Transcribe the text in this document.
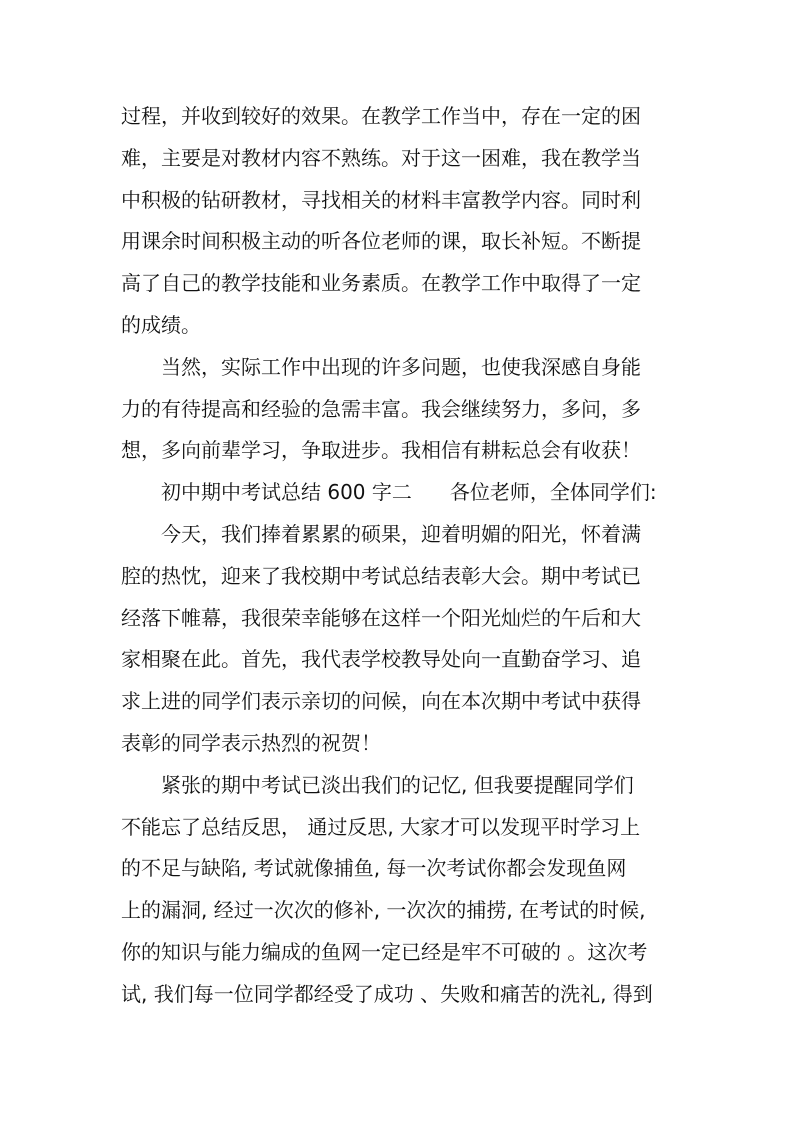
过程，并收到较好的效果。在教学工作当中，存在一定的困
难，主要是对教材内容不熟练。对于这一困难，我在教学当
中积极的钻研教材，寻找相关的材料丰富教学内容。同时利
用课余时间积极主动的听各位老师的课，取长补短。不断提
高了自己的教学技能和业务素质。在教学工作中取得了一定
的成绩。
当然，实际工作中出现的许多问题，也使我深感自身能
力的有待提高和经验的急需丰富。我会继续努力，多问，多
想，多向前辈学习，争取进步。我相信有耕耘总会有收获！
初中期中考试总结 600 字二 各位老师，全体同学们:
今天，我们捧着累累的硕果，迎着明媚的阳光，怀着满
腔的热忱，迎来了我校期中考试总结表彰大会。期中考试已
经落下帷幕，我很荣幸能够在这样一个阳光灿烂的午后和大
家相聚在此。首先，我代表学校教导处向一直勤奋学习、追
求上进的同学们表示亲切的问候，向在本次期中考试中获得
表彰的同学表示热烈的祝贺！
紧张的期中考试已淡出我们的记忆, 但我要提醒同学们
不能忘了总结反思， 通过反思, 大家才可以发现平时学习上
的不足与缺陷, 考试就像捕鱼, 每一次考试你都会发现鱼网
上的漏洞, 经过一次次的修补, 一次次的捕捞, 在考试的时候,
你的知识与能力编成的鱼网一定已经是牢不可破的 。这次考
试, 我们每一位同学都经受了成功 、失败和痛苦的洗礼, 得到
